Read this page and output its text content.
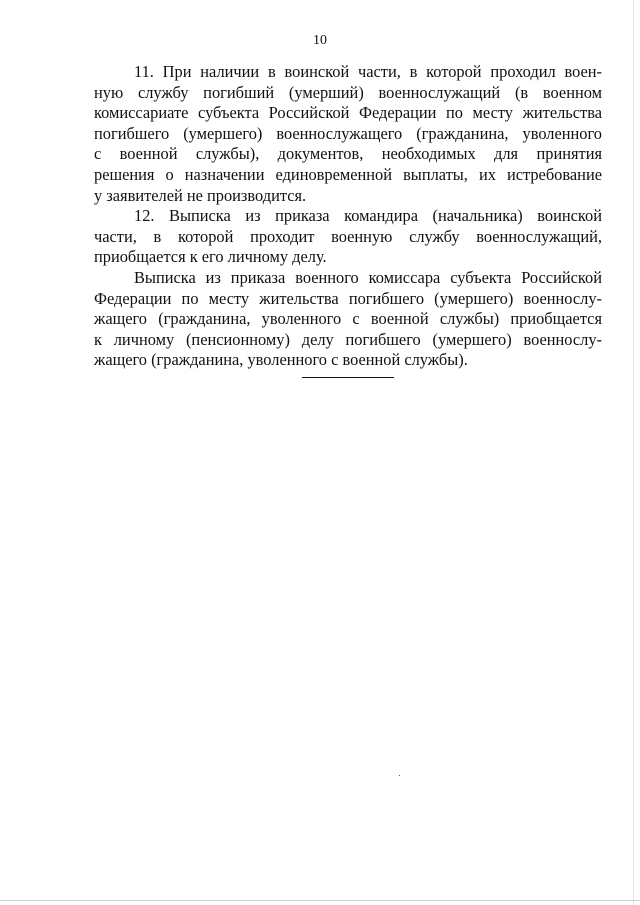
10
11. При наличии в воинской части, в которой проходил воен-
ную службу погибший (умерший) военнослужащий (в военном
комиссариате субъекта Российской Федерации по месту жительства
погибшего (умершего) военнослужащего (гражданина, уволенного
с военной службы), документов, необходимых для принятия
решения о назначении единовременной выплаты, их истребование
у заявителей не производится.
12. Выписка из приказа командира (начальника) воинской
части, в которой проходит военную службу военнослужащий,
приобщается к его личному делу.
Выписка из приказа военного комиссара субъекта Российской
Федерации по месту жительства погибшего (умершего) военнослу-
жащего (гражданина, уволенного с военной службы) приобщается
к личному (пенсионному) делу погибшего (умершего) военнослу-
жащего (гражданина, уволенного с военной службы).
